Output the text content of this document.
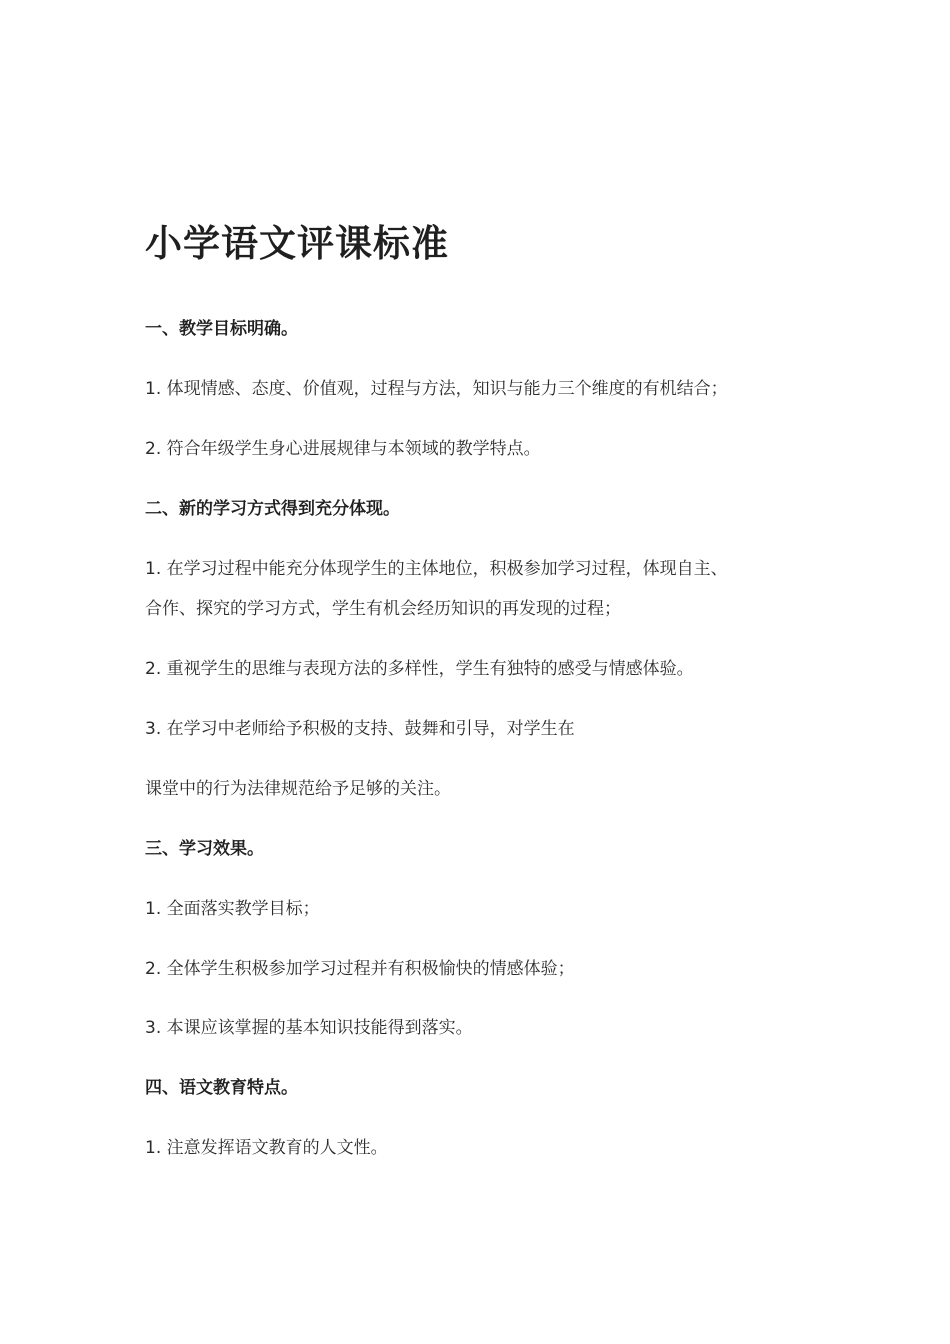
小学语文评课标准

一、教学目标明确。

1. 体现情感、态度、价值观，过程与方法，知识与能力三个维度的有机结合；

2. 符合年级学生身心进展规律与本领域的教学特点。

二、新的学习方式得到充分体现。

1. 在学习过程中能充分体现学生的主体地位，积极参加学习过程，体现自主、

合作、探究的学习方式，学生有机会经历知识的再发现的过程；

2. 重视学生的思维与表现方法的多样性，学生有独特的感受与情感体验。

3. 在学习中老师给予积极的支持、鼓舞和引导，对学生在

课堂中的行为法律规范给予足够的关注。

三、学习效果。

1. 全面落实教学目标；

2. 全体学生积极参加学习过程并有积极愉快的情感体验；

3. 本课应该掌握的基本知识技能得到落实。

四、语文教育特点。

1. 注意发挥语文教育的人文性。
